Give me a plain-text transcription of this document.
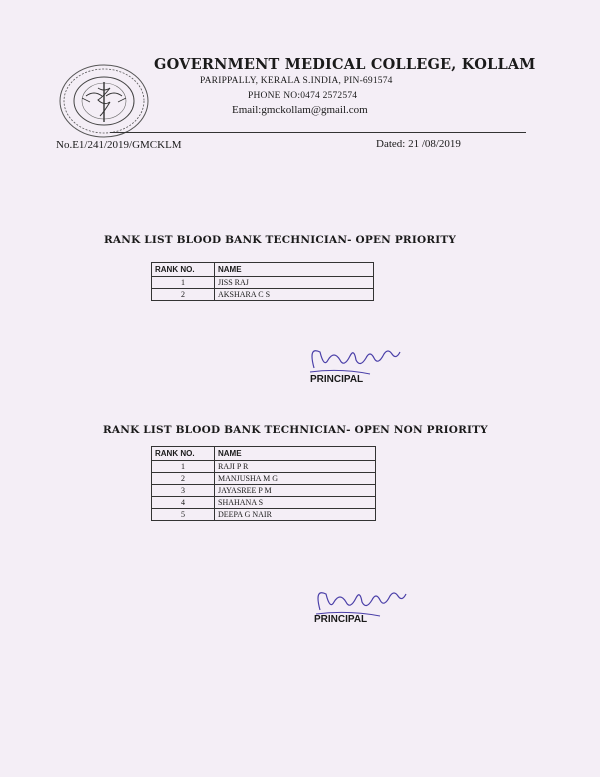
GOVERNMENT MEDICAL COLLEGE, KOLLAM
PARIPPALLY, KERALA S.INDIA, PIN-691574
PHONE NO:0474 2572574
Email:gmckollam@gmail.com
No.E1/241/2019/GMCKLM	Dated: 21 /08/2019
RANK LIST BLOOD BANK TECHNICIAN- OPEN PRIORITY
RANK NO.	NAME
1	JISS RAJ
2	AKSHARA C S
PRINCIPAL
RANK LIST BLOOD BANK TECHNICIAN- OPEN NON PRIORITY
RANK NO.	NAME
1	RAJI P R
2	MANJUSHA M G
3	JAYASREE P M
4	SHAHANA S
5	DEEPA G NAIR
PRINCIPAL
